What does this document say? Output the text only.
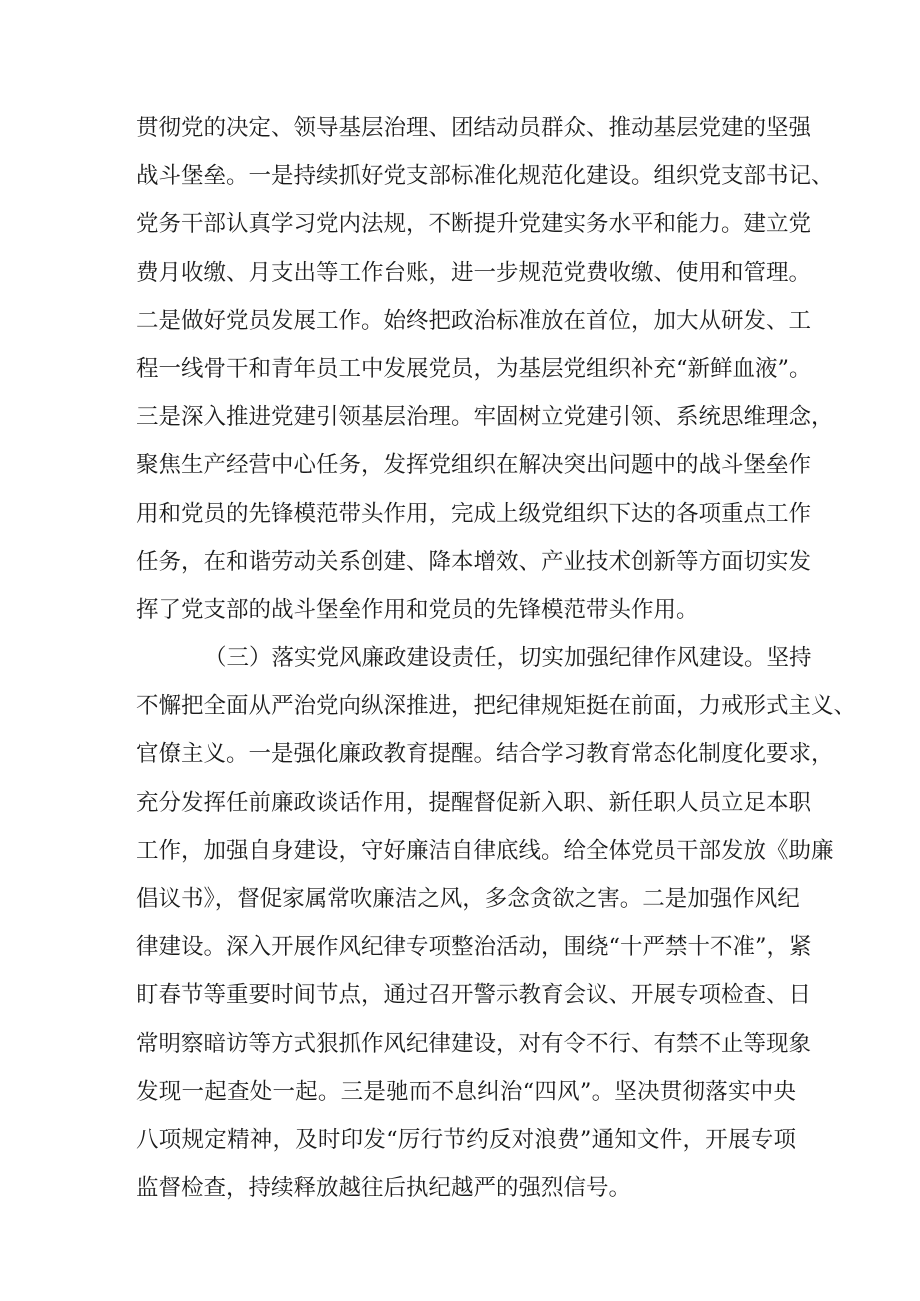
贯彻党的决定、领导基层治理、团结动员群众、推动基层党建的坚强
战斗堡垒。一是持续抓好党支部标准化规范化建设。组织党支部书记、
党务干部认真学习党内法规，不断提升党建实务水平和能力。建立党
费月收缴、月支出等工作台账，进一步规范党费收缴、使用和管理。
二是做好党员发展工作。始终把政治标准放在首位，加大从研发、工
程一线骨干和青年员工中发展党员，为基层党组织补充“新鲜血液”。
三是深入推进党建引领基层治理。牢固树立党建引领、系统思维理念，
聚焦生产经营中心任务，发挥党组织在解决突出问题中的战斗堡垒作
用和党员的先锋模范带头作用，完成上级党组织下达的各项重点工作
任务，在和谐劳动关系创建、降本增效、产业技术创新等方面切实发
挥了党支部的战斗堡垒作用和党员的先锋模范带头作用。

（三）落实党风廉政建设责任，切实加强纪律作风建设。坚持
不懈把全面从严治党向纵深推进，把纪律规矩挺在前面，力戒形式主义、
官僚主义。一是强化廉政教育提醒。结合学习教育常态化制度化要求，
充分发挥任前廉政谈话作用，提醒督促新入职、新任职人员立足本职
工作，加强自身建设，守好廉洁自律底线。给全体党员干部发放《助廉
倡议书》，督促家属常吹廉洁之风，多念贪欲之害。二是加强作风纪
律建设。深入开展作风纪律专项整治活动，围绕“十严禁十不准”，紧
盯春节等重要时间节点，通过召开警示教育会议、开展专项检查、日
常明察暗访等方式狠抓作风纪律建设，对有令不行、有禁不止等现象
发现一起查处一起。三是驰而不息纠治“四风”。坚决贯彻落实中央
八项规定精神，及时印发“厉行节约反对浪费”通知文件，开展专项
监督检查，持续释放越往后执纪越严的强烈信号。
